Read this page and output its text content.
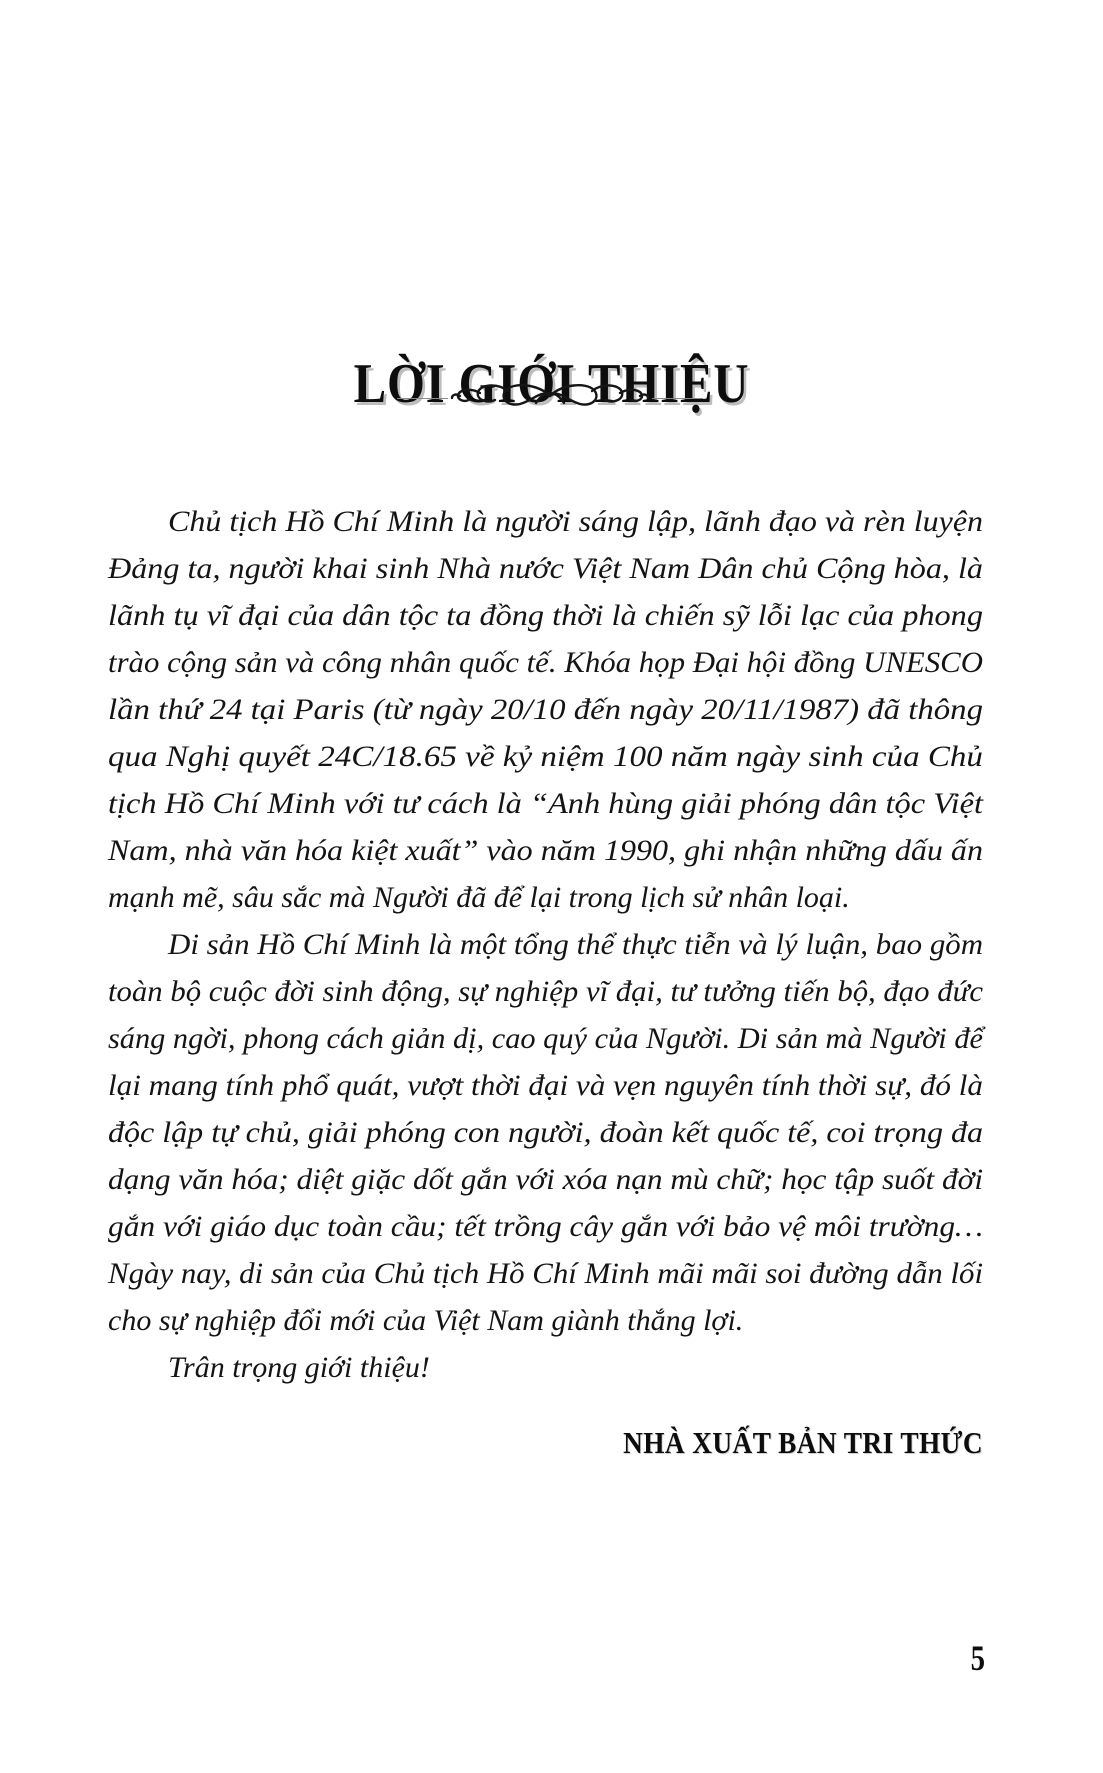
LỜI GIỚI THIỆU
Chủ tịch Hồ Chí Minh là người sáng lập, lãnh đạo và rèn luyện
Đảng ta, người khai sinh Nhà nước Việt Nam Dân chủ Cộng hòa, là
lãnh tụ vĩ đại của dân tộc ta đồng thời là chiến sỹ lỗi lạc của phong
trào cộng sản và công nhân quốc tế. Khóa họp Đại hội đồng UNESCO
lần thứ 24 tại Paris (từ ngày 20/10 đến ngày 20/11/1987) đã thông
qua Nghị quyết 24C/18.65 về kỷ niệm 100 năm ngày sinh của Chủ
tịch Hồ Chí Minh với tư cách là “Anh hùng giải phóng dân tộc Việt
Nam, nhà văn hóa kiệt xuất” vào năm 1990, ghi nhận những dấu ấn
mạnh mẽ, sâu sắc mà Người đã để lại trong lịch sử nhân loại.
Di sản Hồ Chí Minh là một tổng thể thực tiễn và lý luận, bao gồm
toàn bộ cuộc đời sinh động, sự nghiệp vĩ đại, tư tưởng tiến bộ, đạo đức
sáng ngời, phong cách giản dị, cao quý của Người. Di sản mà Người để
lại mang tính phổ quát, vượt thời đại và vẹn nguyên tính thời sự, đó là
độc lập tự chủ, giải phóng con người, đoàn kết quốc tế, coi trọng đa
dạng văn hóa; diệt giặc dốt gắn với xóa nạn mù chữ; học tập suốt đời
gắn với giáo dục toàn cầu; tết trồng cây gắn với bảo vệ môi trường…
Ngày nay, di sản của Chủ tịch Hồ Chí Minh mãi mãi soi đường dẫn lối
cho sự nghiệp đổi mới của Việt Nam giành thắng lợi.
Trân trọng giới thiệu!
NHÀ XUẤT BẢN TRI THỨC
5
